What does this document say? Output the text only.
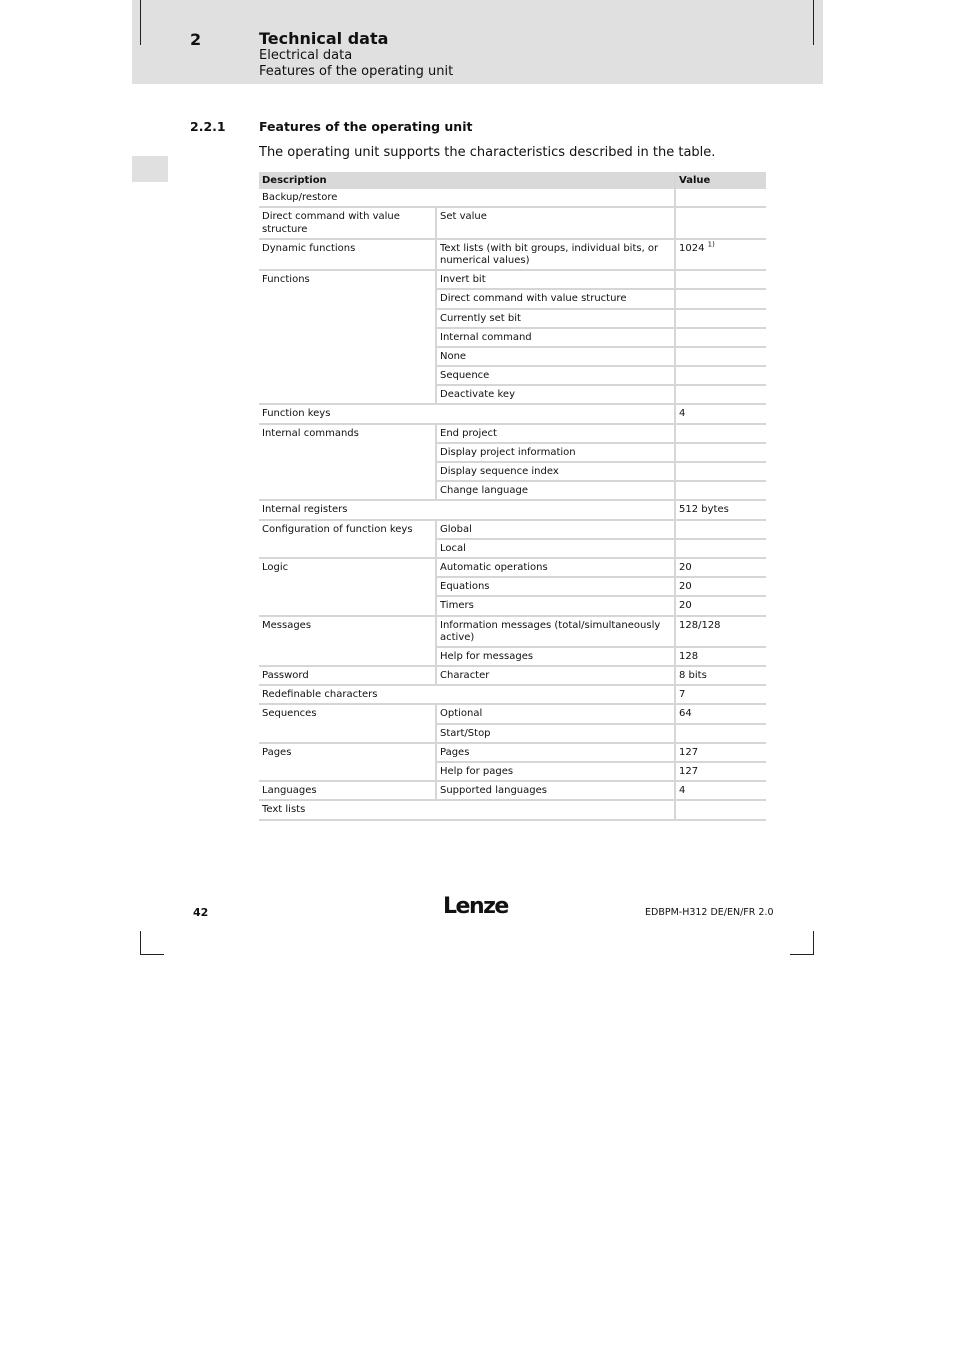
2	Technical data
Electrical data
Features of the operating unit
2.2.1	Features of the operating unit
The operating unit supports the characteristics described in the table.
Description		Value
Backup/restore		
Direct command with value structure	Set value	
Dynamic functions	Text lists (with bit groups, individual bits, or numerical values)	1024 $^{1)}$
Functions	Invert bit	
	Direct command with value structure	
	Currently set bit	
	Internal command	
	None	
	Sequence	
	Deactivate key	
Function keys		4
Internal commands	End project	
	Display project information	
	Display sequence index	
	Change language	
Internal registers		512 bytes
Configuration of function keys	Global	
	Local	
Logic	Automatic operations	20
	Equations	20
	Timers	20
Messages	Information messages (total/simultaneously active)	128/128
	Help for messages	128
Password	Character	8 bits
Redefinable characters		7
Sequences	Optional	64
	Start/Stop	
Pages	Pages	127
	Help for pages	127
Languages	Supported languages	4
Text lists		
42	Lenze	EDBPM-H312 DE/EN/FR 2.0
